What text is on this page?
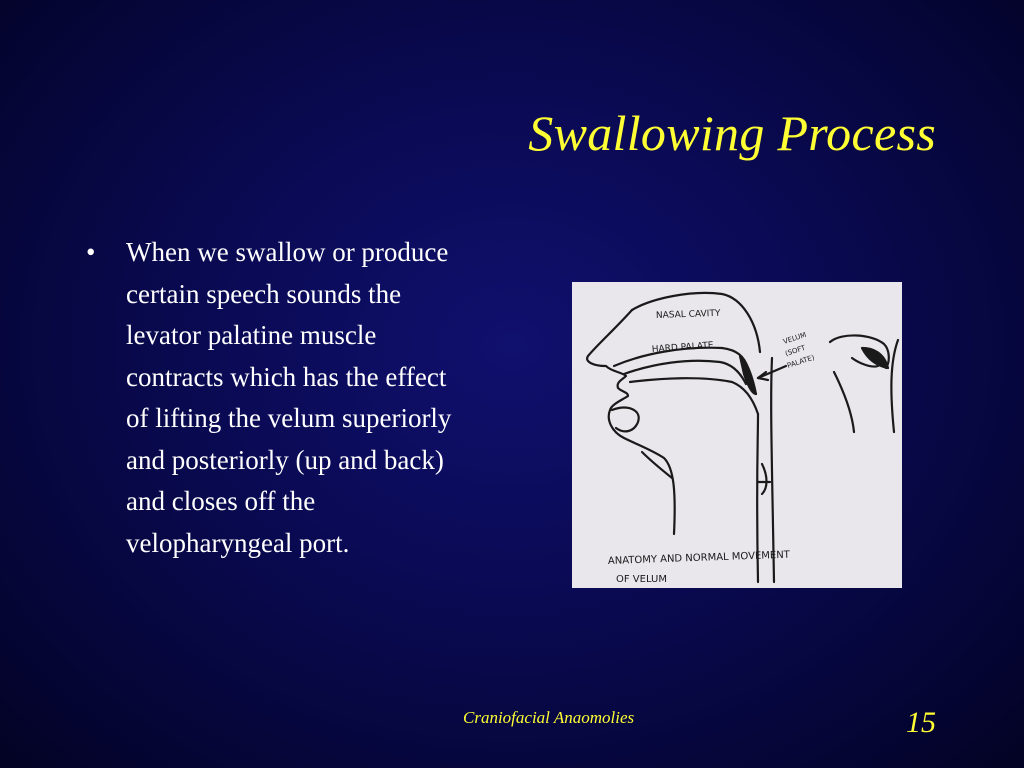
Swallowing Process
•	When we swallow or produce certain speech sounds the levator palatine muscle contracts which has the effect of lifting the velum superiorly and posteriorly (up and back) and closes off the velopharyngeal port.
NASAL CAVITY
HARD PALATE
VELUM
(SOFT
PALATE)
ANATOMY AND NORMAL MOVEMENT
OF VELUM
Craniofacial Anaomolies	15
